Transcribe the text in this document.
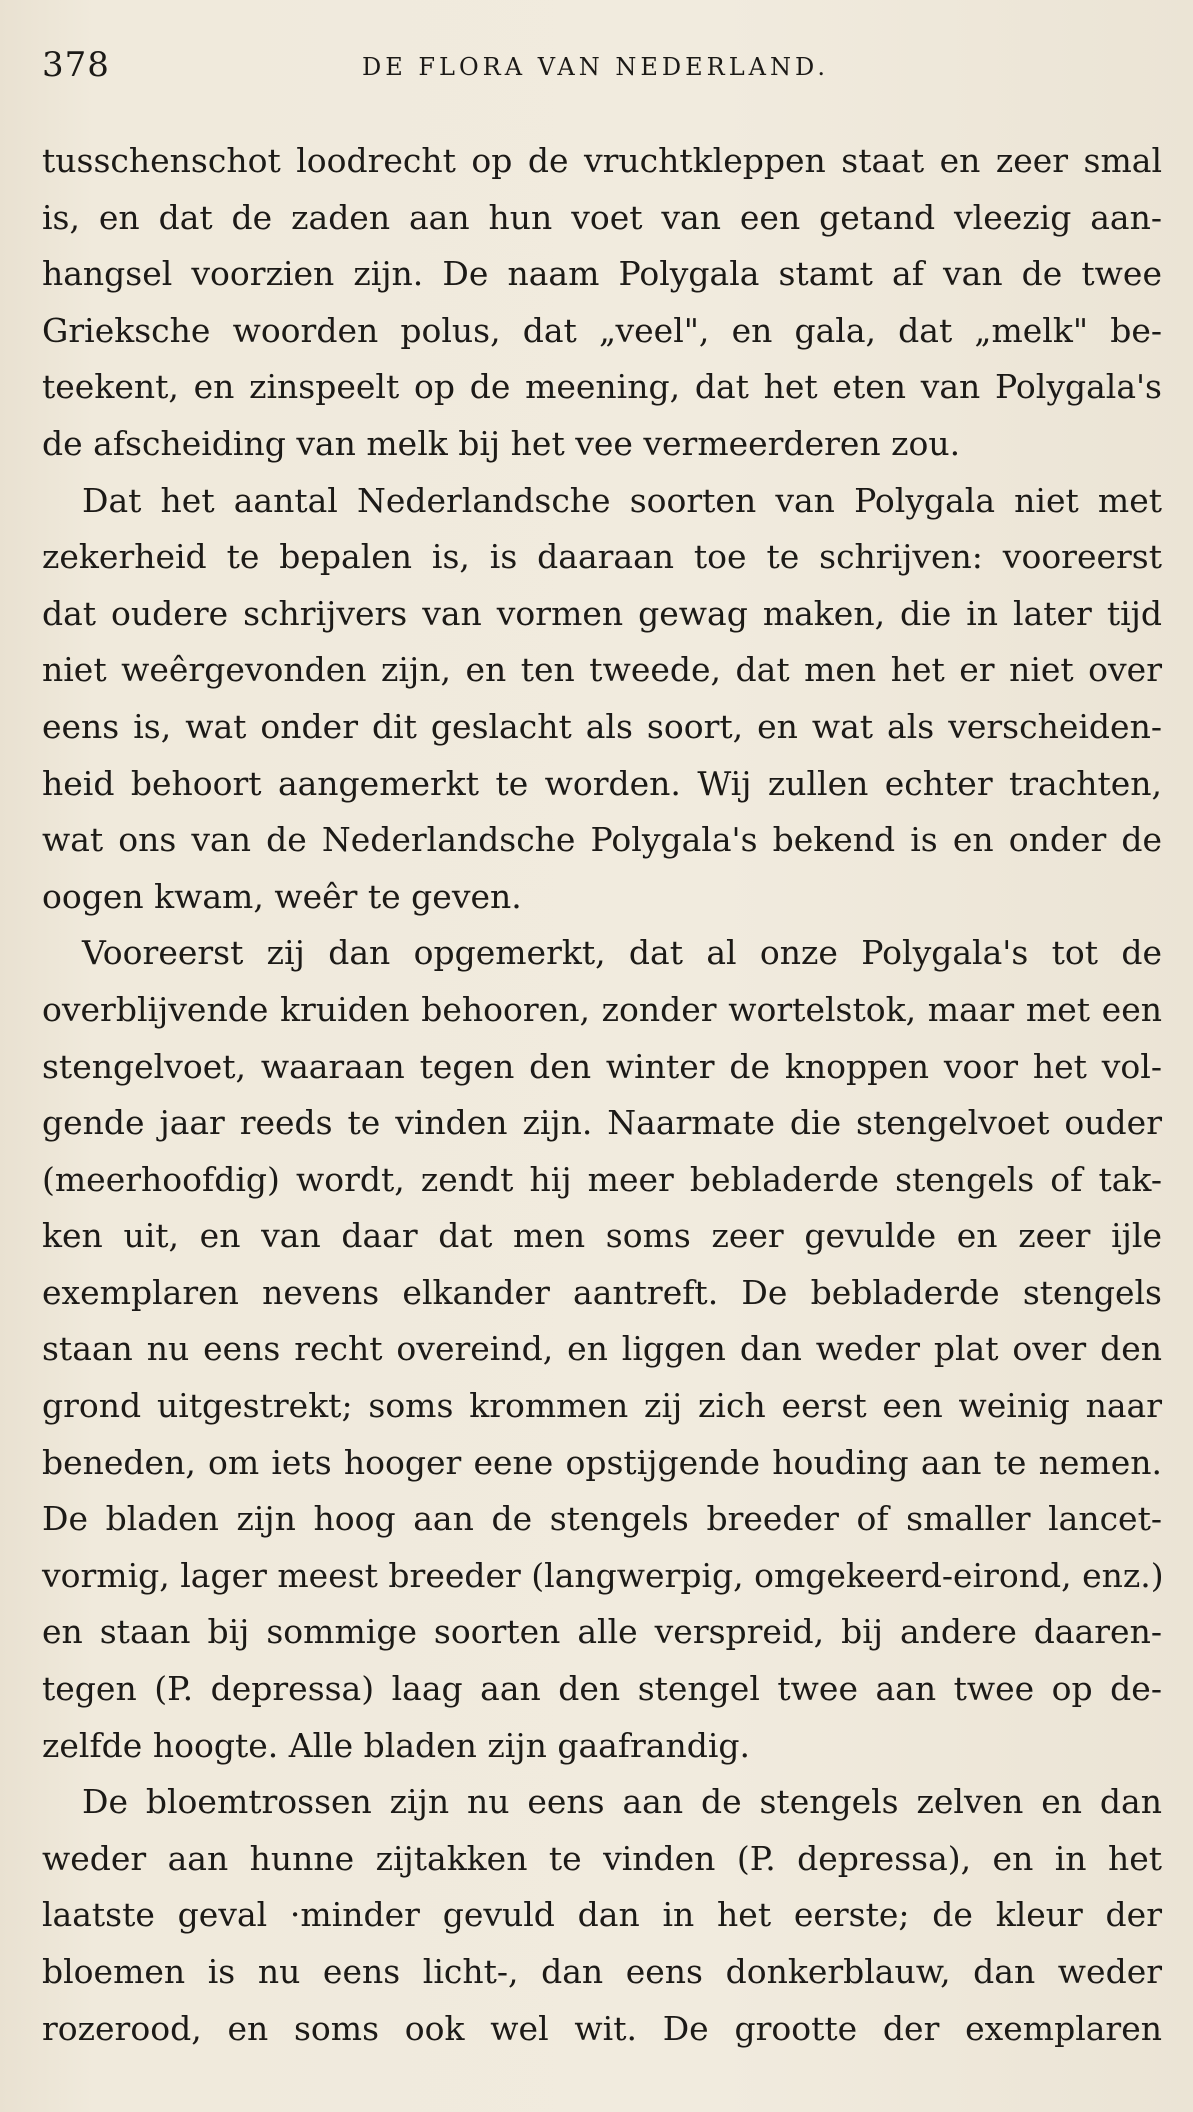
378	DE FLORA VAN NEDERLAND.
tusschenschot loodrecht op de vruchtkleppen staat en zeer smal
is, en dat de zaden aan hun voet van een getand vleezig aan-
hangsel voorzien zijn. De naam Polygala stamt af van de twee
Grieksche woorden polus, dat „veel", en gala, dat „melk" be-
teekent, en zinspeelt op de meening, dat het eten van Polygala's
de afscheiding van melk bij het vee vermeerderen zou.
Dat het aantal Nederlandsche soorten van Polygala niet met
zekerheid te bepalen is, is daaraan toe te schrijven: vooreerst
dat oudere schrijvers van vormen gewag maken, die in later tijd
niet weêrgevonden zijn, en ten tweede, dat men het er niet over
eens is, wat onder dit geslacht als soort, en wat als verscheiden-
heid behoort aangemerkt te worden. Wij zullen echter trachten,
wat ons van de Nederlandsche Polygala's bekend is en onder de
oogen kwam, weêr te geven.
Vooreerst zij dan opgemerkt, dat al onze Polygala's tot de
overblijvende kruiden behooren, zonder wortelstok, maar met een
stengelvoet, waaraan tegen den winter de knoppen voor het vol-
gende jaar reeds te vinden zijn. Naarmate die stengelvoet ouder
(meerhoofdig) wordt, zendt hij meer bebladerde stengels of tak-
ken uit, en van daar dat men soms zeer gevulde en zeer ijle
exemplaren nevens elkander aantreft. De bebladerde stengels
staan nu eens recht overeind, en liggen dan weder plat over den
grond uitgestrekt; soms krommen zij zich eerst een weinig naar
beneden, om iets hooger eene opstijgende houding aan te nemen.
De bladen zijn hoog aan de stengels breeder of smaller lancet-
vormig, lager meest breeder (langwerpig, omgekeerd-eirond, enz.)
en staan bij sommige soorten alle verspreid, bij andere daaren-
tegen (P. depressa) laag aan den stengel twee aan twee op de-
zelfde hoogte. Alle bladen zijn gaafrandig.
De bloemtrossen zijn nu eens aan de stengels zelven en dan
weder aan hunne zijtakken te vinden (P. depressa), en in het
laatste geval ·minder gevuld dan in het eerste; de kleur der
bloemen is nu eens licht-, dan eens donkerblauw, dan weder
rozerood, en soms ook wel wit. De grootte der exemplaren
